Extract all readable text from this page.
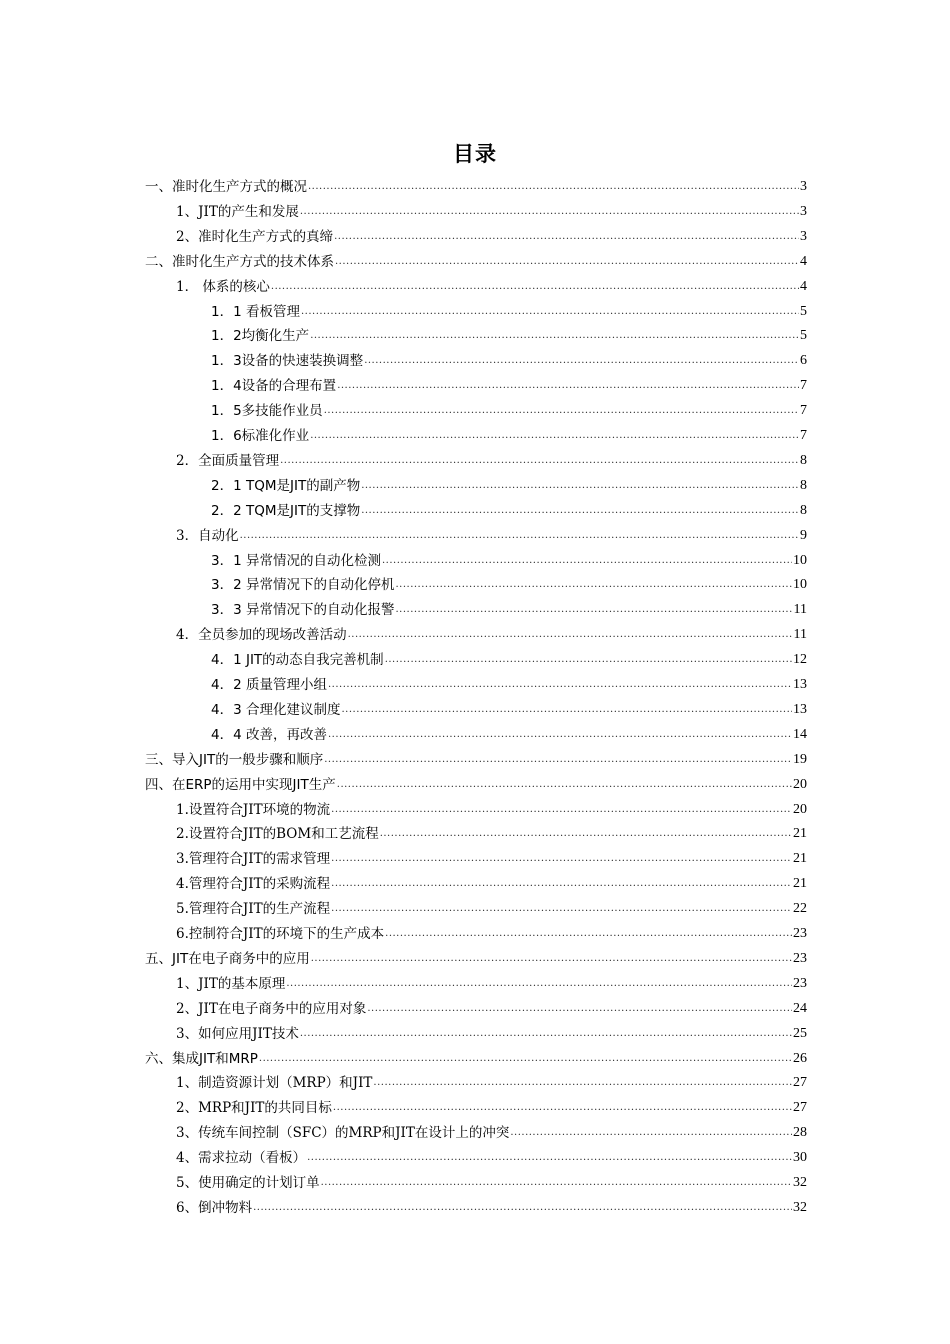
目录
一、准时化生产方式的概况 .....	3
1、JIT的产生和发展 .....	3
2、准时化生产方式的真缔 .....	3
二、准时化生产方式的技术体系 .....	4
1． 体系的核心 .....	4
1．1 看板管理 .....	5
1．2均衡化生产 .....	5
1．3设备的快速装换调整 .....	6
1．4设备的合理布置 .....	7
1．5多技能作业员 .....	7
1．6标准化作业 .....	7
2．全面质量管理 .....	8
2．1 TQM是JIT的副产物 .....	8
2．2 TQM是JIT的支撑物 .....	8
3．自动化 .....	9
3．1 异常情况的自动化检测 .....	10
3．2 异常情况下的自动化停机 .....	10
3．3 异常情况下的自动化报警 .....	11
4．全员参加的现场改善活动 .....	11
4．1 JIT的动态自我完善机制 .....	12
4．2 质量管理小组 .....	13
4．3 合理化建议制度 .....	13
4．4 改善，再改善 .....	14
三、导入JIT的一般步骤和顺序 .....	19
四、在ERP的运用中实现JIT生产 .....	20
1.设置符合JIT环境的物流 .....	20
2.设置符合JIT的BOM和工艺流程 .....	21
3.管理符合JIT的需求管理 .....	21
4.管理符合JIT的采购流程 .....	21
5.管理符合JIT的生产流程 .....	22
6.控制符合JIT的环境下的生产成本 .....	23
五、JIT在电子商务中的应用 .....	23
1、JIT的基本原理 .....	23
2、JIT在电子商务中的应用对象 .....	24
3、如何应用JIT技术 .....	25
六、集成JIT和MRP .....	26
1、制造资源计划（MRP）和JIT .....	27
2、MRP和JIT的共同目标 .....	27
3、传统车间控制（SFC）的MRP和JIT在设计上的冲突 .....	28
4、需求拉动（看板） .....	30
5、使用确定的计划订单 .....	32
6、倒冲物料 .....	32
